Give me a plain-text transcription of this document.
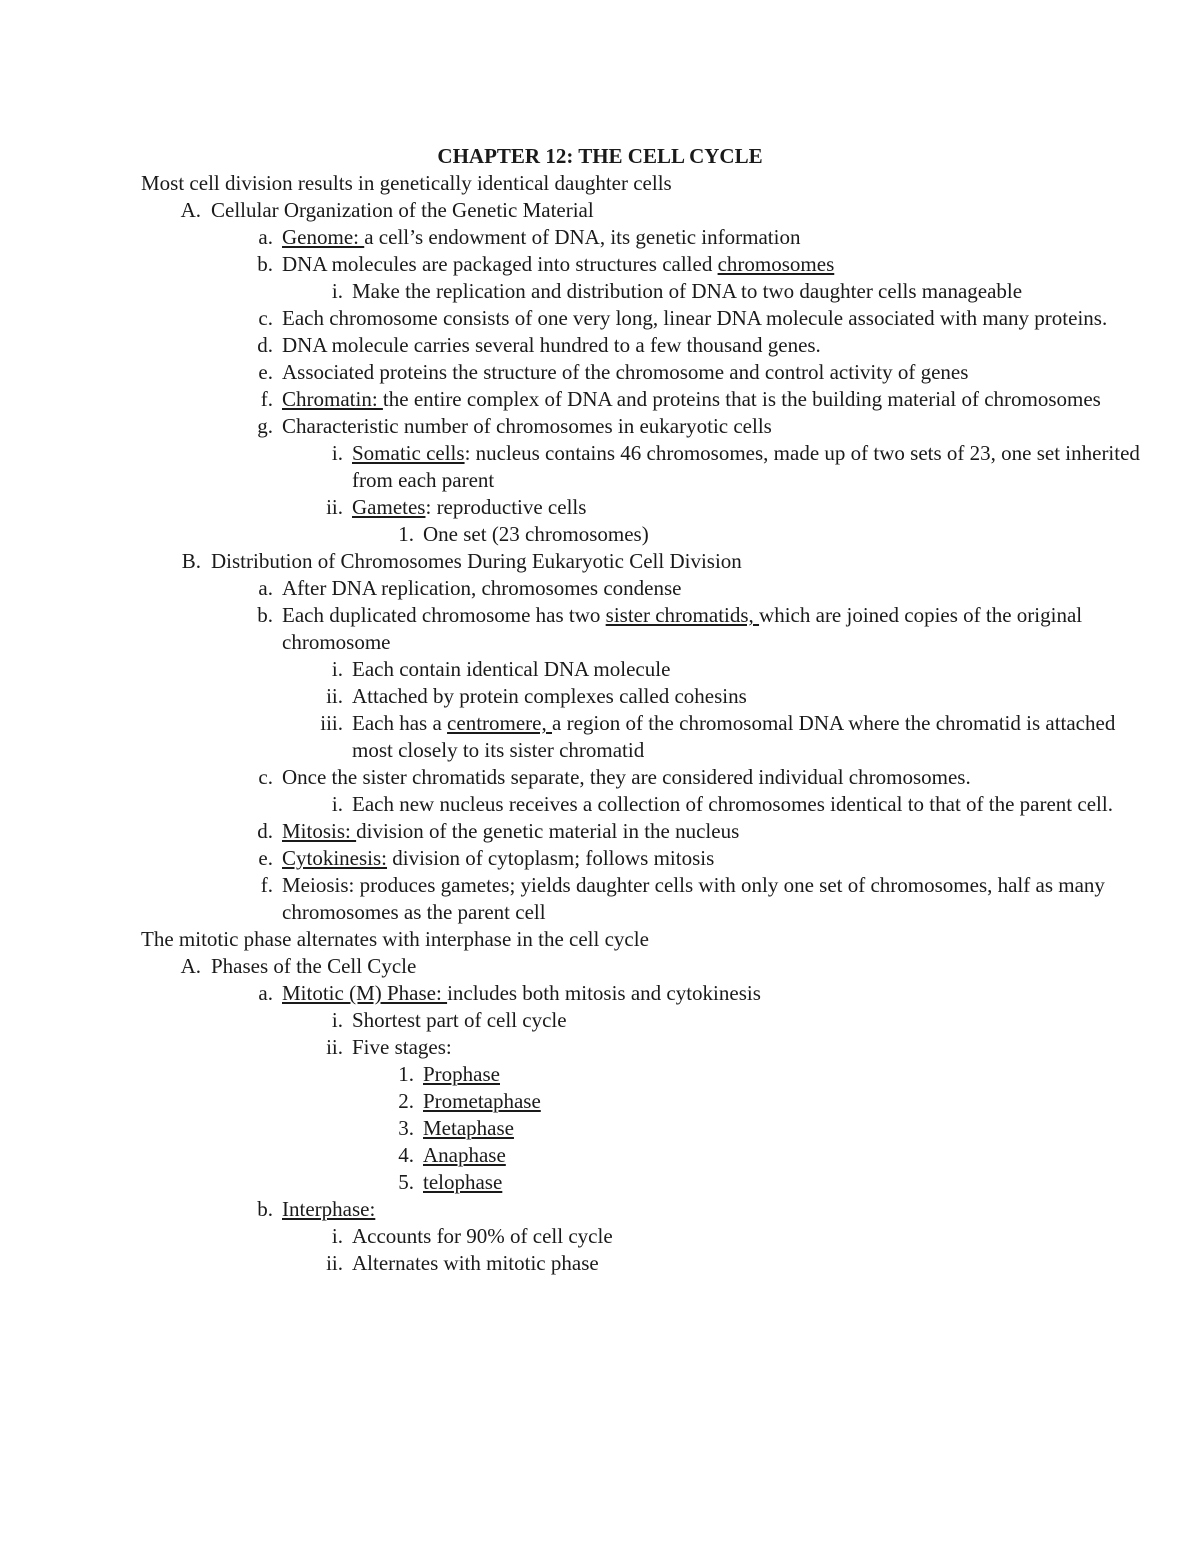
CHAPTER 12: THE CELL CYCLE
Most cell division results in genetically identical daughter cells
A. Cellular Organization of the Genetic Material
a. Genome: a cell’s endowment of DNA, its genetic information
b. DNA molecules are packaged into structures called chromosomes
i. Make the replication and distribution of DNA to two daughter cells manageable
c. Each chromosome consists of one very long, linear DNA molecule associated with many proteins.
d. DNA molecule carries several hundred to a few thousand genes.
e. Associated proteins the structure of the chromosome and control activity of genes
f. Chromatin: the entire complex of DNA and proteins that is the building material of chromosomes
g. Characteristic number of chromosomes in eukaryotic cells
i. Somatic cells: nucleus contains 46 chromosomes, made up of two sets of 23, one set inherited from each parent
ii. Gametes: reproductive cells
1. One set (23 chromosomes)
B. Distribution of Chromosomes During Eukaryotic Cell Division
a. After DNA replication, chromosomes condense
b. Each duplicated chromosome has two sister chromatids, which are joined copies of the original chromosome
i. Each contain identical DNA molecule
ii. Attached by protein complexes called cohesins
iii. Each has a centromere, a region of the chromosomal DNA where the chromatid is attached most closely to its sister chromatid
c. Once the sister chromatids separate, they are considered individual chromosomes.
i. Each new nucleus receives a collection of chromosomes identical to that of the parent cell.
d. Mitosis: division of the genetic material in the nucleus
e. Cytokinesis: division of cytoplasm; follows mitosis
f. Meiosis: produces gametes; yields daughter cells with only one set of chromosomes, half as many chromosomes as the parent cell
The mitotic phase alternates with interphase in the cell cycle
A. Phases of the Cell Cycle
a. Mitotic (M) Phase: includes both mitosis and cytokinesis
i. Shortest part of cell cycle
ii. Five stages:
1. Prophase
2. Prometaphase
3. Metaphase
4. Anaphase
5. telophase
b. Interphase:
i. Accounts for 90% of cell cycle
ii. Alternates with mitotic phase
